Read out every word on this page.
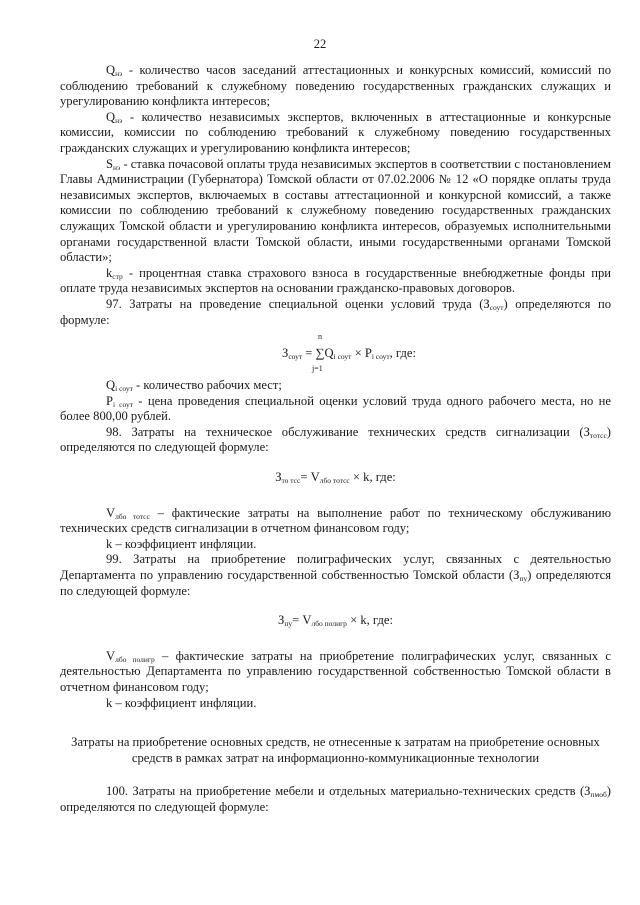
22

$Q_{нэ}$ - количество часов заседаний аттестационных и конкурсных комиссий, комиссий по соблюдению требований к служебному поведению государственных гражданских служащих и урегулированию конфликта интересов;

$Q_{нэ}$ - количество независимых экспертов, включенных в аттестационные и конкурсные комиссии, комиссии по соблюдению требований к служебному поведению государственных гражданских служащих и урегулированию конфликта интересов;

$S_{нэ}$ - ставка почасовой оплаты труда независимых экспертов в соответствии с постановлением Главы Администрации (Губернатора) Томской области от 07.02.2006 № 12 «О порядке оплаты труда независимых экспертов, включаемых в составы аттестационной и конкурсной комиссий, а также комиссии по соблюдению требований к служебному поведению государственных гражданских служащих Томской области и урегулированию конфликта интересов, образуемых исполнительными органами государственной власти Томской области, иными государственными органами Томской области»;

$k_{стр}$ - процентная ставка страхового взноса в государственные внебюджетные фонды при оплате труда независимых экспертов на основании гражданско-правовых договоров.

97. Затраты на проведение специальной оценки условий труда $(З_{соут})$ определяются по формуле:

n
$З_{соут} = \sum Q_{i соут} \times P_{i соут}$, где:
j=1

$Q_{i соут}$ - количество рабочих мест;

$P_{i соут}$ - цена проведения специальной оценки условий труда одного рабочего места, но не более 800,00 рублей.

98. Затраты на техническое обслуживание технических средств сигнализации $(З_{тотсс})$ определяются по следующей формуле:

$З_{то тсс}= V_{лбо тотсс} \times k$, где:

$V_{лбо тотсс}$ – фактические затраты на выполнение работ по техническому обслуживанию технических средств сигнализации в отчетном финансовом году;

k – коэффициент инфляции.

99. Затраты на приобретение полиграфических услуг, связанных с деятельностью Департамента по управлению государственной собственностью Томской области $(З_{пу})$ определяются по следующей формуле:

$З_{пу}= V_{лбо полигр} \times k$, где:

$V_{лбо полигр}$ – фактические затраты на приобретение полиграфических услуг, связанных с деятельностью Департамента по управлению государственной собственностью Томской области в отчетном финансовом году;

k – коэффициент инфляции.

Затраты на приобретение основных средств, не отнесенные к затратам на приобретение основных средств в рамках затрат на информационно-коммуникационные технологии

100. Затраты на приобретение мебели и отдельных материально-технических средств $(З_{пмоб})$ определяются по следующей формуле:
